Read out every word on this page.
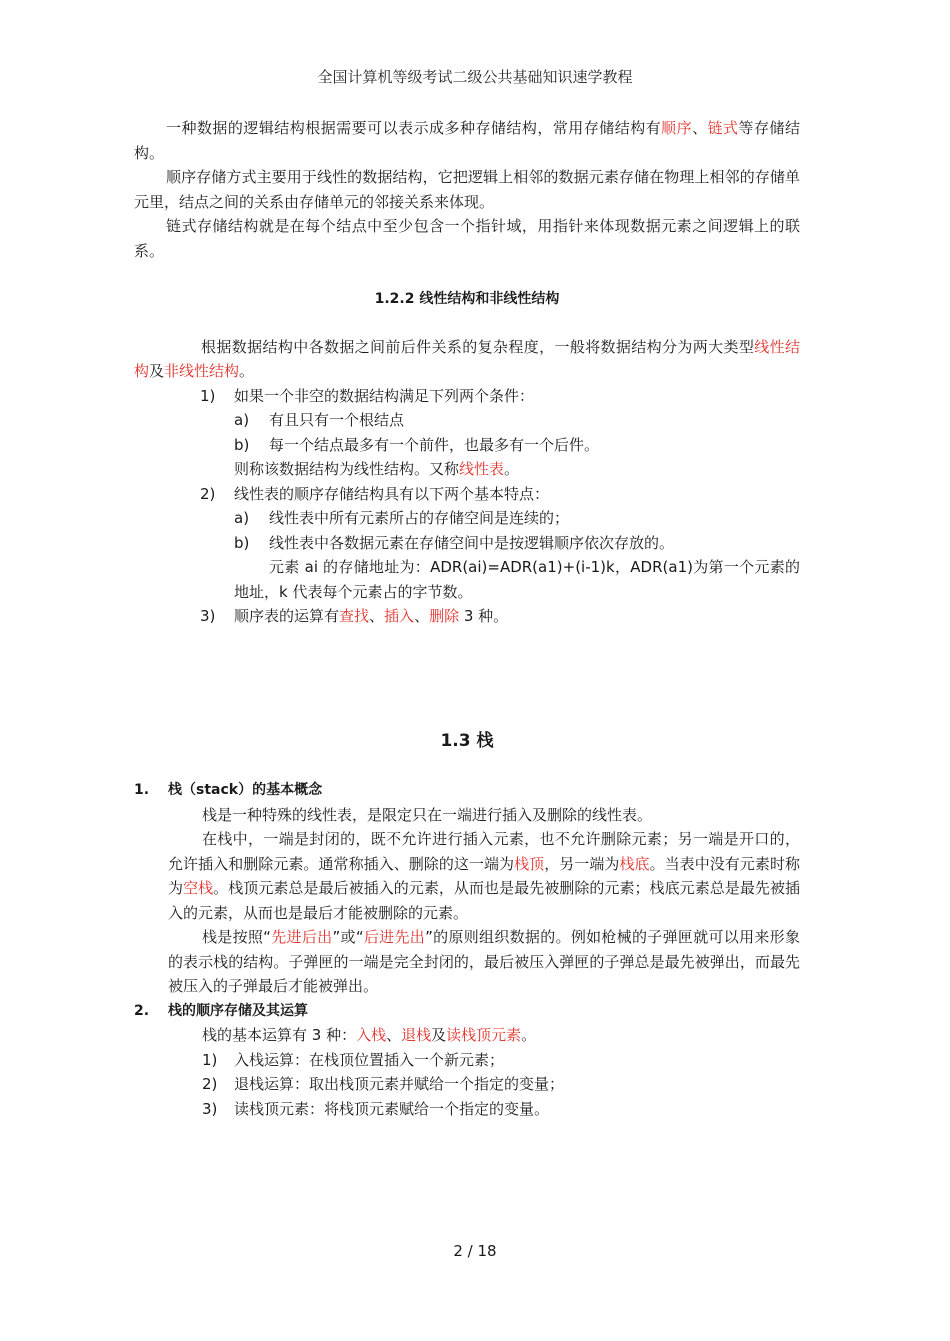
全国计算机等级考试二级公共基础知识速学教程

一种数据的逻辑结构根据需要可以表示成多种存储结构，常用存储结构有顺序、链式等存储结构。

顺序存储方式主要用于线性的数据结构，它把逻辑上相邻的数据元素存储在物理上相邻的存储单元里，结点之间的关系由存储单元的邻接关系来体现。

链式存储结构就是在每个结点中至少包含一个指针域，用指针来体现数据元素之间逻辑上的联系。

1.2.2 线性结构和非线性结构

根据数据结构中各数据之间前后件关系的复杂程度，一般将数据结构分为两大类型线性结构及非线性结构。

1)	如果一个非空的数据结构满足下列两个条件：
a)	有且只有一个根结点
b)	每一个结点最多有一个前件，也最多有一个后件。

则称该数据结构为线性结构。又称线性表。

2)	线性表的顺序存储结构具有以下两个基本特点：
a)	线性表中所有元素所占的存储空间是连续的；
b)	线性表中各数据元素在存储空间中是按逻辑顺序依次存放的。

元素 ai 的存储地址为：ADR(ai)=ADR(a1)+(i-1)k，ADR(a1)为第一个元素的地址，k 代表每个元素占的字节数。

3)	顺序表的运算有查找、插入、删除 3 种。

1.3 栈

1.	栈（stack）的基本概念

栈是一种特殊的线性表，是限定只在一端进行插入及删除的线性表。

在栈中，一端是封闭的，既不允许进行插入元素，也不允许删除元素；另一端是开口的，允许插入和删除元素。通常称插入、删除的这一端为栈顶，另一端为栈底。当表中没有元素时称为空栈。栈顶元素总是最后被插入的元素，从而也是最先被删除的元素；栈底元素总是最先被插入的元素，从而也是最后才能被删除的元素。

栈是按照“先进后出”或“后进先出”的原则组织数据的。例如枪械的子弹匣就可以用来形象的表示栈的结构。子弹匣的一端是完全封闭的，最后被压入弹匣的子弹总是最先被弹出，而最先被压入的子弹最后才能被弹出。

2.	栈的顺序存储及其运算

栈的基本运算有 3 种：入栈、退栈及读栈顶元素。

1)	入栈运算：在栈顶位置插入一个新元素；
2)	退栈运算：取出栈顶元素并赋给一个指定的变量；
3)	读栈顶元素：将栈顶元素赋给一个指定的变量。
2 / 18
